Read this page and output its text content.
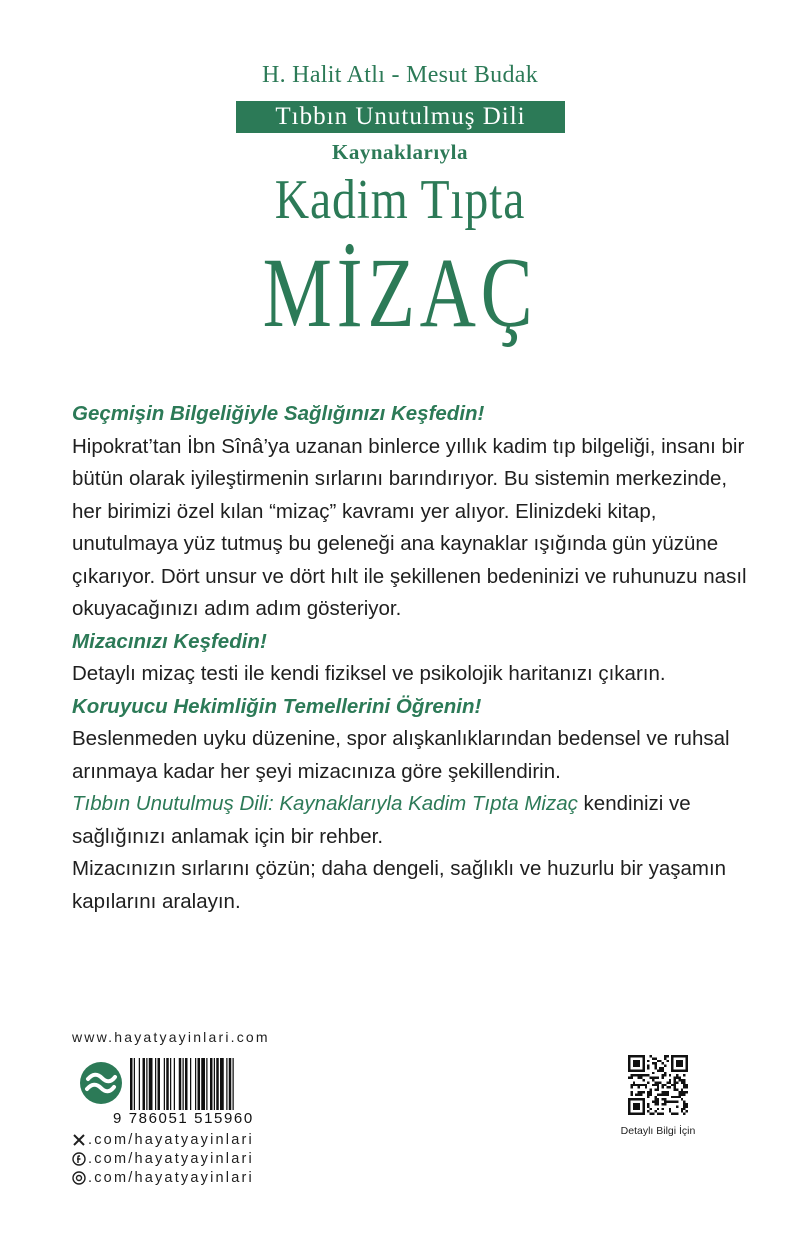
H. Halit Atlı - Mesut Budak
Tıbbın Unutulmuş Dili
Kaynaklarıyla
Kadim Tıpta
MİZAÇ

Geçmişin Bilgeliğiyle Sağlığınızı Keşfedin!

Hipokrat’tan İbn Sînâ’ya uzanan binlerce yıllık kadim tıp bilgeliği, insanı bir bütün olarak iyileştirmenin sırlarını barındırıyor. Bu sistemin merkezinde, her birimizi özel kılan “mizaç” kavramı yer alıyor. Elinizdeki kitap, unutulmaya yüz tutmuş bu geleneği ana kaynaklar ışığında gün yüzüne çıkarıyor. Dört unsur ve dört hılt ile şekillenen bedeninizi ve ruhunuzu nasıl okuyacağınızı adım adım gösteriyor.

Mizacınızı Keşfedin!

Detaylı mizaç testi ile kendi fiziksel ve psikolojik haritanızı çıkarın.

Koruyucu Hekimliğin Temellerini Öğrenin!

Beslenmeden uyku düzenine, spor alışkanlıklarından bedensel ve ruhsal arınmaya kadar her şeyi mizacınıza göre şekillendirin.

Tıbbın Unutulmuş Dili: Kaynaklarıyla Kadim Tıpta Mizaç kendinizi ve sağlığınızı anlamak için bir rehber.

Mizacınızın sırlarını çözün; daha dengeli, sağlıklı ve huzurlu bir yaşamın kapılarını aralayın.

www.hayatyayinlari.com
9 786051 515960
.com/hayatyayinlari
.com/hayatyayinlari
.com/hayatyayinlari
Detaylı Bilgi İçin
